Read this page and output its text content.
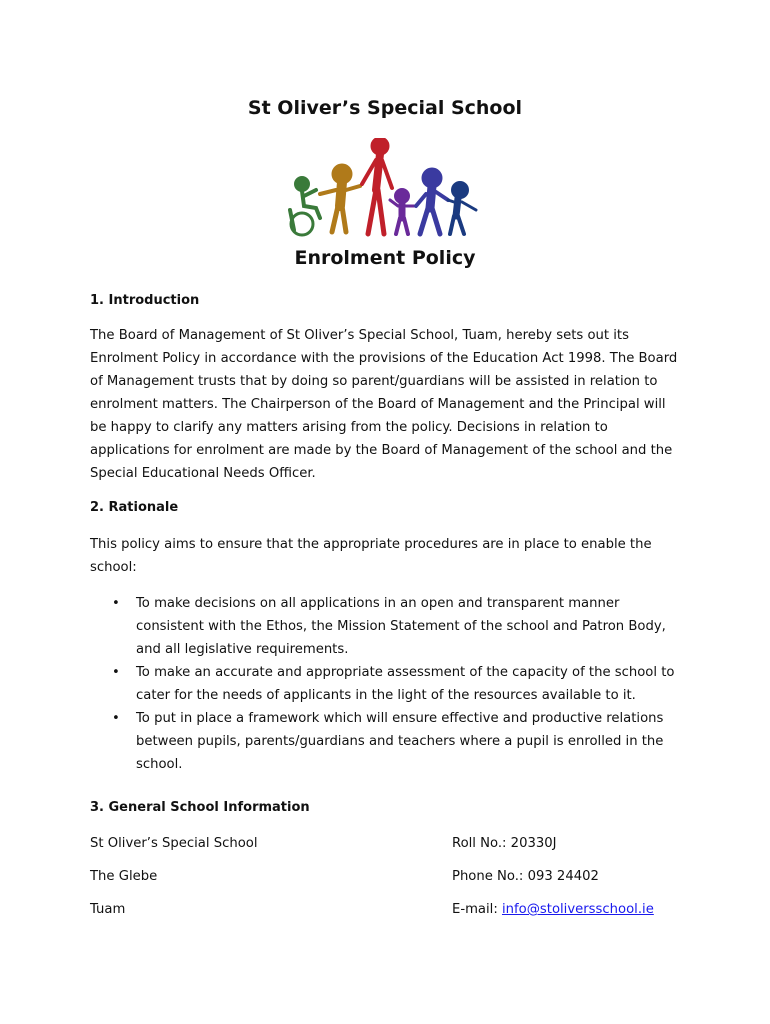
St Oliver’s Special School
Enrolment Policy
1. Introduction

The Board of Management of St Oliver’s Special School, Tuam, hereby sets out its Enrolment Policy in accordance with the provisions of the Education Act 1998. The Board of Management trusts that by doing so parent/guardians will be assisted in relation to enrolment matters. The Chairperson of the Board of Management and the Principal will be happy to clarify any matters arising from the policy. Decisions in relation to applications for enrolment are made by the Board of Management of the school and the Special Educational Needs Officer.

2. Rationale

This policy aims to ensure that the appropriate procedures are in place to enable the school:

• To make decisions on all applications in an open and transparent manner consistent with the Ethos, the Mission Statement of the school and Patron Body, and all legislative requirements.
• To make an accurate and appropriate assessment of the capacity of the school to cater for the needs of applicants in the light of the resources available to it.
• To put in place a framework which will ensure effective and productive relations between pupils, parents/guardians and teachers where a pupil is enrolled in the school.
3. General School Information
St Oliver’s Special School
The Glebe
Tuam
Roll No.: 20330J
Phone No.: 093 24402
E-mail: info@stoliversschool.ie
